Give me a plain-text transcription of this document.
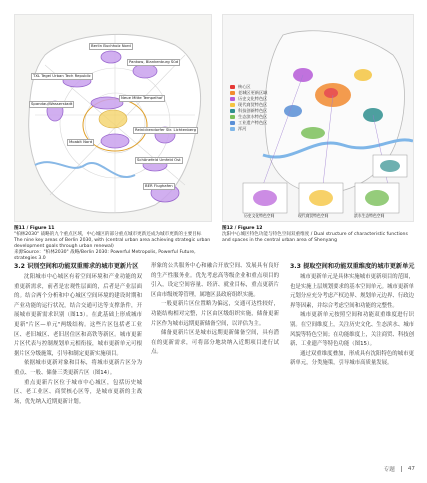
Berlin Buchholz Nord
Pankow, Blankenburg Süd
TXL Tegel Urban Tech Republic
Spandau/Wasserstadt
Neue Mitte Tempelhof
Reinickendorfer Str. Lichtenberg
Moabit Nord
Schönefeld Umfeld Ost
BER Flughafen
历史文化特色空间	现代商贸特色空间	滨水生态特色空间
核心区
老城区更新区域
历史文化特色区
现代商贸特色区
科技创新特色区
生态滨水特色区
工业遗产特色区
浑河
图11 / Figure 11
"柏林2030" 战略的九个重点区域，中心城区的部分重点城市更新还成为城市更新的主要目标
The nine key areas of Berlin 2030, with (central urban area achieving strategic urban development goals through urban renewal)
来源Source："柏林2030" 战略/Berlin 2030: Powerful Metropolis, Powerful Future, strategies 3.0
图12 / Figure 12
沈阳中心城区特色功能与特色空间双重维度 / Dual structure of characteristic functions and spaces in the central urban area of Shenyang
3.2 识别空间和功能双重需求的城市更新片区	3.3 提取空间和功能双重维度的城市更新单元

沈阳城市中心城区有着空间环境和产业功能的双重更新需求，前者是宏观性层面的，后者是产业层面的。结合两个分析和中心城区空间环境的建设时期和产业功能的运行状况，结合交通可达等支撑条件，开展城市更新需求识别（图13）。在此基础上形成城市更新"片区—单元"两级结构。这些片区包括老工业区、老旧城区、老旧居住区和高铁等新区。城市更新片区代表与控制规划单元相衔接，城市更新单元可根据片区分级施策，引导和制定更新实施项目。

依据城市更新对象和目标，将城市更新片区分为重点、一般、储备三类更新片区（图14）。

重点更新片区位于城市中心城区，包括历史城区、老工业区、商贸核心区等，是城市更新的主战场，优先纳入近期更新计划。

形象的公共服务中心和融合开放空间、发展具有良好的生产性服务业。优先考虑高等级企业和重点项目的引入，设定空间容量、经济、就业目标，重点更新片区由市级统筹管理，属地区县政府组织实施。

一般更新片区位置略为偏远，交通可达性较好，功能结构相对完整，片区由区级组织实施，储备更新片区作为城市远期更新储备空间，以评估为主。

储备更新片区是城市远期更新储备空间，具有潜在的更新需求，可将部分地块纳入近期项目进行试点。

城市更新单元是具体实施城市更新项目的范围，也是实施上层规划要求的基本空间单元。城市更新单元划分应充分考虑产权边界、规划单元边界、行政边界等因素，并综合考虑空间和功能的完整性。

城市更新单元按照空间和功能双重维度进行识别。在空间维度上，关注历史文化、生态滨水、城市风貌等特色空间；在功能维度上，关注商贸、科技创新、工业遗产等特色功能（图15）。

通过双重维度叠加，形成具有沈阳特色的城市更新单元，分类施策，引导城市高质量发展。

专题 47
